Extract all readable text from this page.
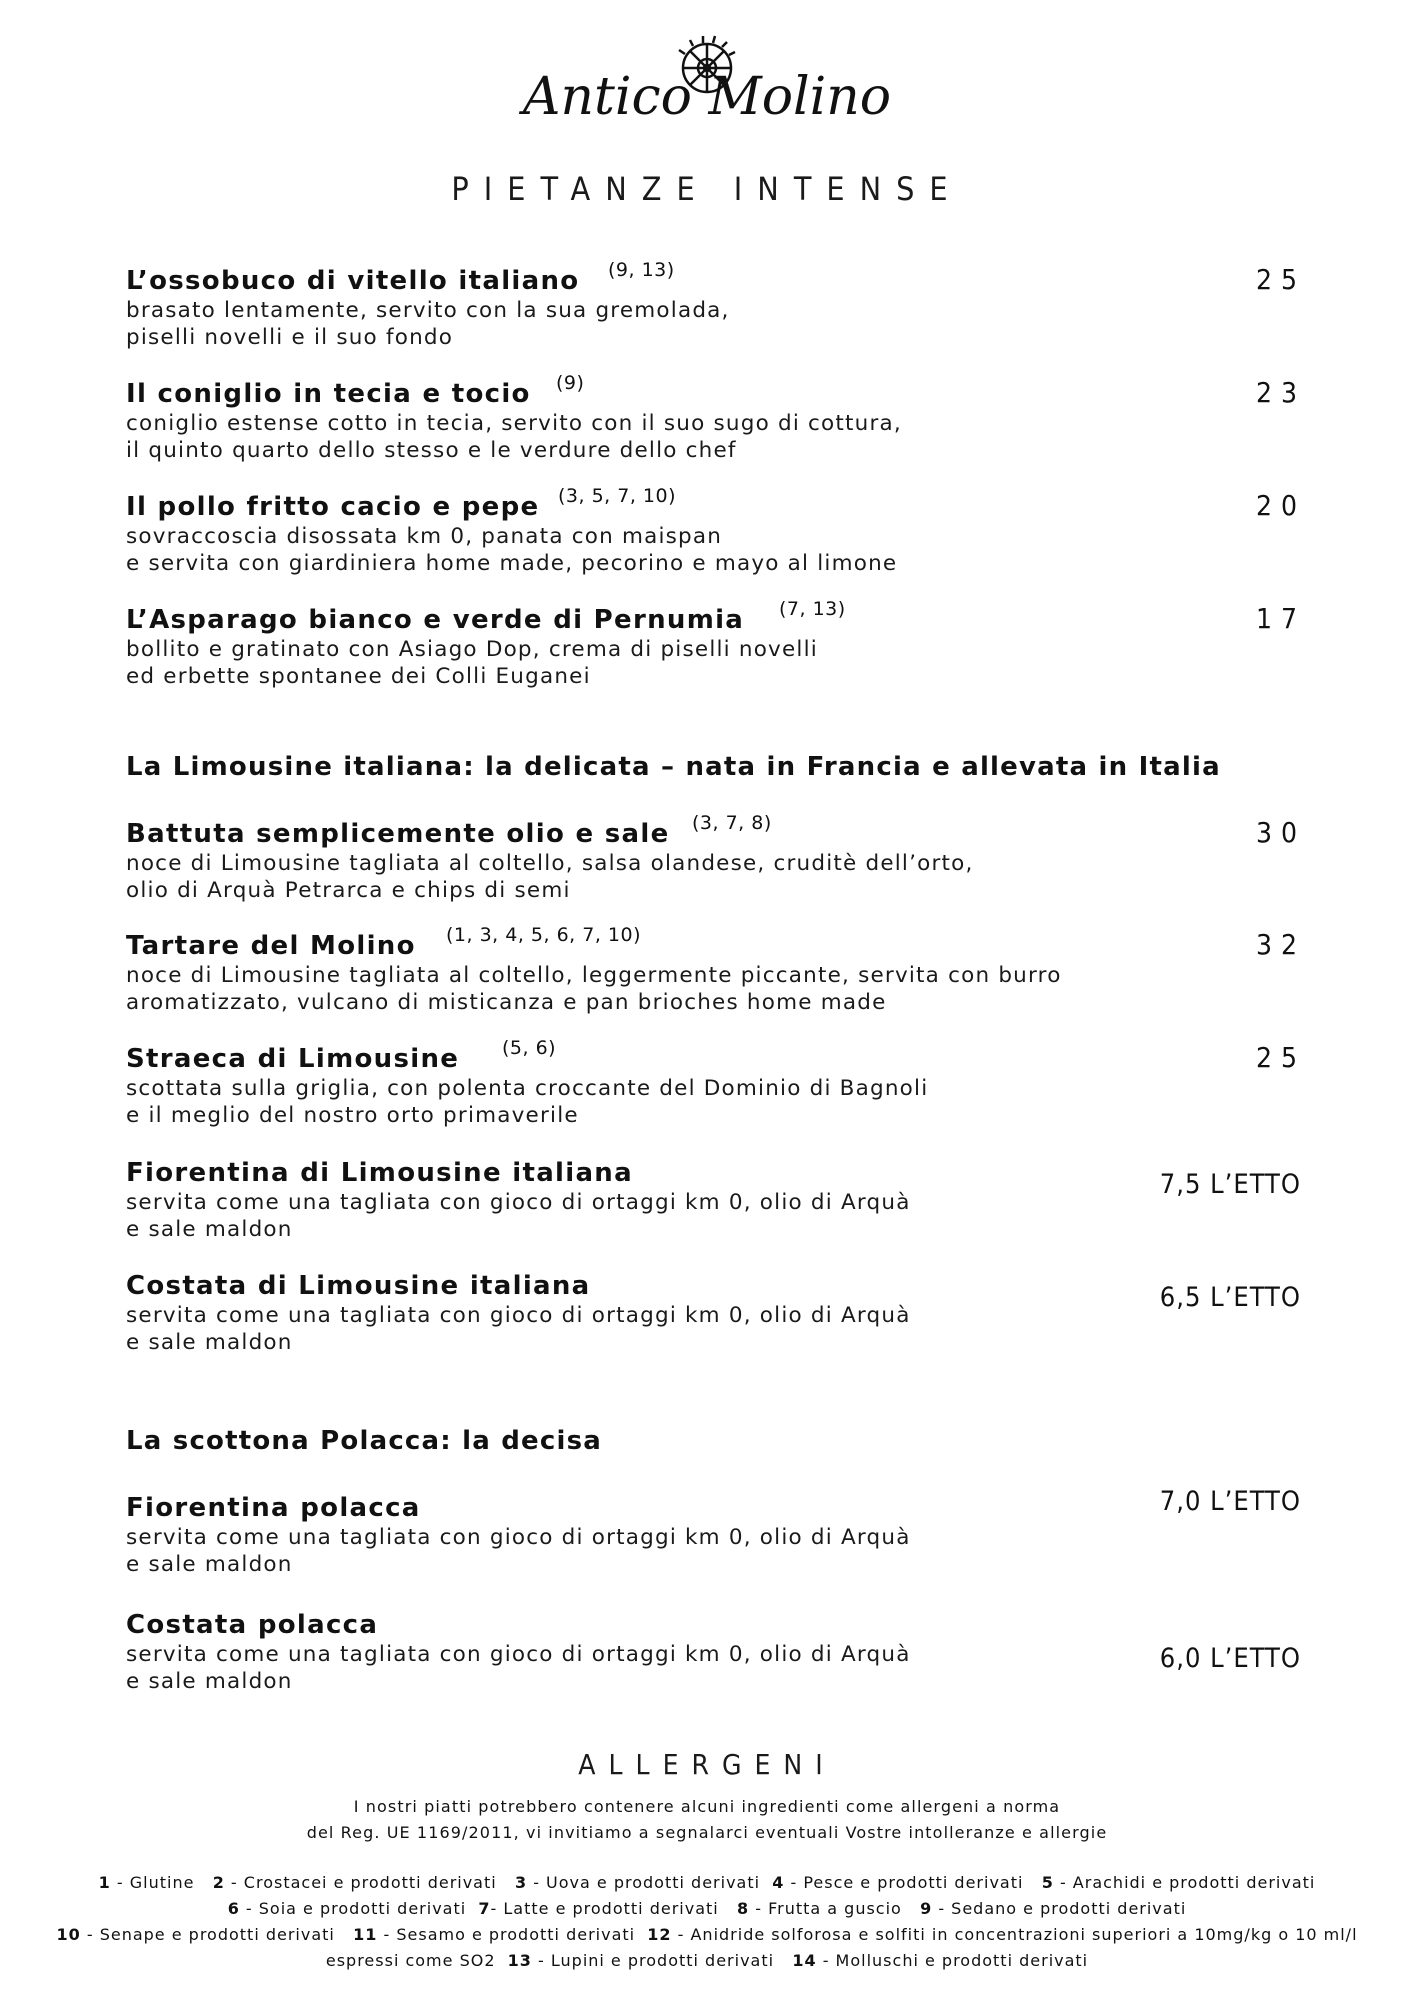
Antico Molino
PIETANZE INTENSE
L’ossobuco di vitello italiano	(9, 13)
brasato lentamente, servito con la sua gremolada,
piselli novelli e il suo fondo
25
Il coniglio in tecia e tocio	(9)
coniglio estense cotto in tecia, servito con il suo sugo di cottura,
il quinto quarto dello stesso e le verdure dello chef
23
Il pollo fritto cacio e pepe (3, 5, 7, 10)
sovraccoscia disossata km 0, panata con maispan
e servita con giardiniera home made, pecorino e mayo al limone
20
L’Asparago bianco e verde di Pernumia	(7, 13)
bollito e gratinato con Asiago Dop, crema di piselli novelli
ed erbette spontanee dei Colli Euganei
17
La Limousine italiana: la delicata – nata in Francia e allevata in Italia
Battuta semplicemente olio e sale	(3, 7, 8)
noce di Limousine tagliata al coltello, salsa olandese, cruditè dell’orto,
olio di Arquà Petrarca e chips di semi
30
Tartare del Molino	(1, 3, 4, 5, 6, 7, 10)
noce di Limousine tagliata al coltello, leggermente piccante, servita con burro
aromatizzato, vulcano di misticanza e pan brioches home made
32
Straeca di Limousine	(5, 6)
scottata sulla griglia, con polenta croccante del Dominio di Bagnoli
e il meglio del nostro orto primaverile
25
Fiorentina di Limousine italiana
servita come una tagliata con gioco di ortaggi km 0, olio di Arquà
e sale maldon
7,5 L’ETTO
Costata di Limousine italiana
servita come una tagliata con gioco di ortaggi km 0, olio di Arquà
e sale maldon
6,5 L’ETTO
La scottona Polacca: la decisa
Fiorentina polacca
servita come una tagliata con gioco di ortaggi km 0, olio di Arquà
e sale maldon
7,0 L’ETTO
Costata polacca
servita come una tagliata con gioco di ortaggi km 0, olio di Arquà
e sale maldon
6,0 L’ETTO
ALLERGENI
I nostri piatti potrebbero contenere alcuni ingredienti come allergeni a norma
del Reg. UE 1169/2011, vi invitiamo a segnalarci eventuali Vostre intolleranze e allergie
1 - Glutine 2 - Crostacei e prodotti derivati 3 - Uova e prodotti derivati 4 - Pesce e prodotti derivati 5 - Arachidi e prodotti derivati
6 - Soia e prodotti derivati 7- Latte e prodotti derivati 8 - Frutta a guscio 9 - Sedano e prodotti derivati
10 - Senape e prodotti derivati 11 - Sesamo e prodotti derivati 12 - Anidride solforosa e solfiti in concentrazioni superiori a 10mg/kg o 10 ml/l espressi come SO2 13 - Lupini e prodotti derivati 14 - Molluschi e prodotti derivati
